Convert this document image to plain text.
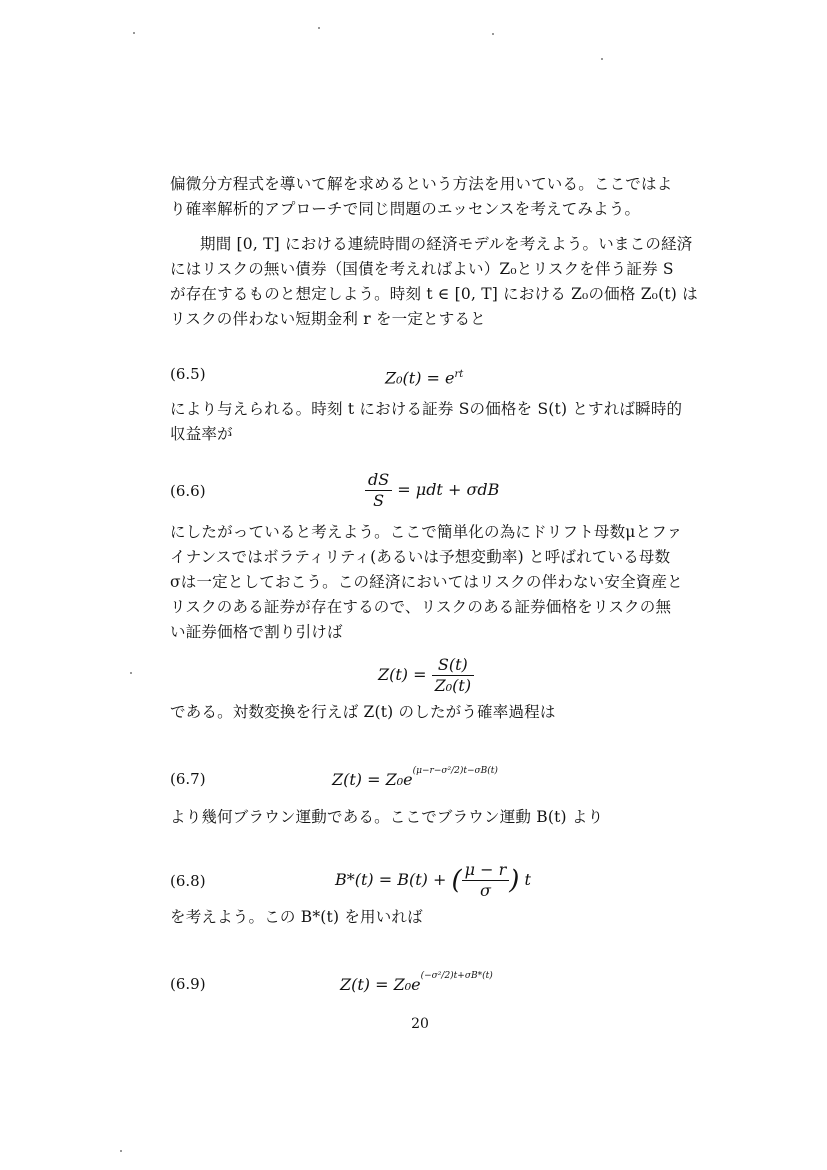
偏微分方程式を導いて解を求めるという方法を用いている。ここではよ
り確率解析的アプローチで同じ問題のエッセンスを考えてみよう。

期間 [0, T] における連続時間の経済モデルを考えよう。いまこの経済
にはリスクの無い債券（国債を考えればよい）Z₀とリスクを伴う証券 S
が存在するものと想定しよう。時刻 t ∈ [0, T] における Z₀の価格 Z₀(t) は
リスクの伴わない短期金利 r を一定とすると

(6.5)	$Z_0(t) = e^{rt}$

により与えられる。時刻 t における証券 Sの価格を S(t) とすれば瞬時的
収益率が

(6.6)	$\frac{dS}{S} = \mu dt + \sigma dB$

にしたがっていると考えよう。ここで簡単化の為にドリフト母数μとファ
イナンスではボラティリティ(あるいは予想変動率) と呼ばれている母数
σは一定としておこう。この経済においてはリスクの伴わない安全資産と
リスクのある証券が存在するので、リスクのある証券価格をリスクの無
い証券価格で割り引けば

$Z(t) = \frac{S(t)}{\text{Z₀(t)}}$

である。対数変換を行えば Z(t) のしたがう確率過程は

(6.7)	$Z(t) = Z_0e^{(\mu-r-\sigma^2/2)t-\sigma B(t)}$

より幾何ブラウン運動である。ここでブラウン運動 B(t) より

(6.8)	B*(t) = B(t) + ( $\frac{\mu - r}{\sigma}$ ) t

を考えよう。この B*(t) を用いれば

(6.9)	$Z(t) = Z_0e^{(-\sigma^2/2)t+\sigma B*(t)}$
20
